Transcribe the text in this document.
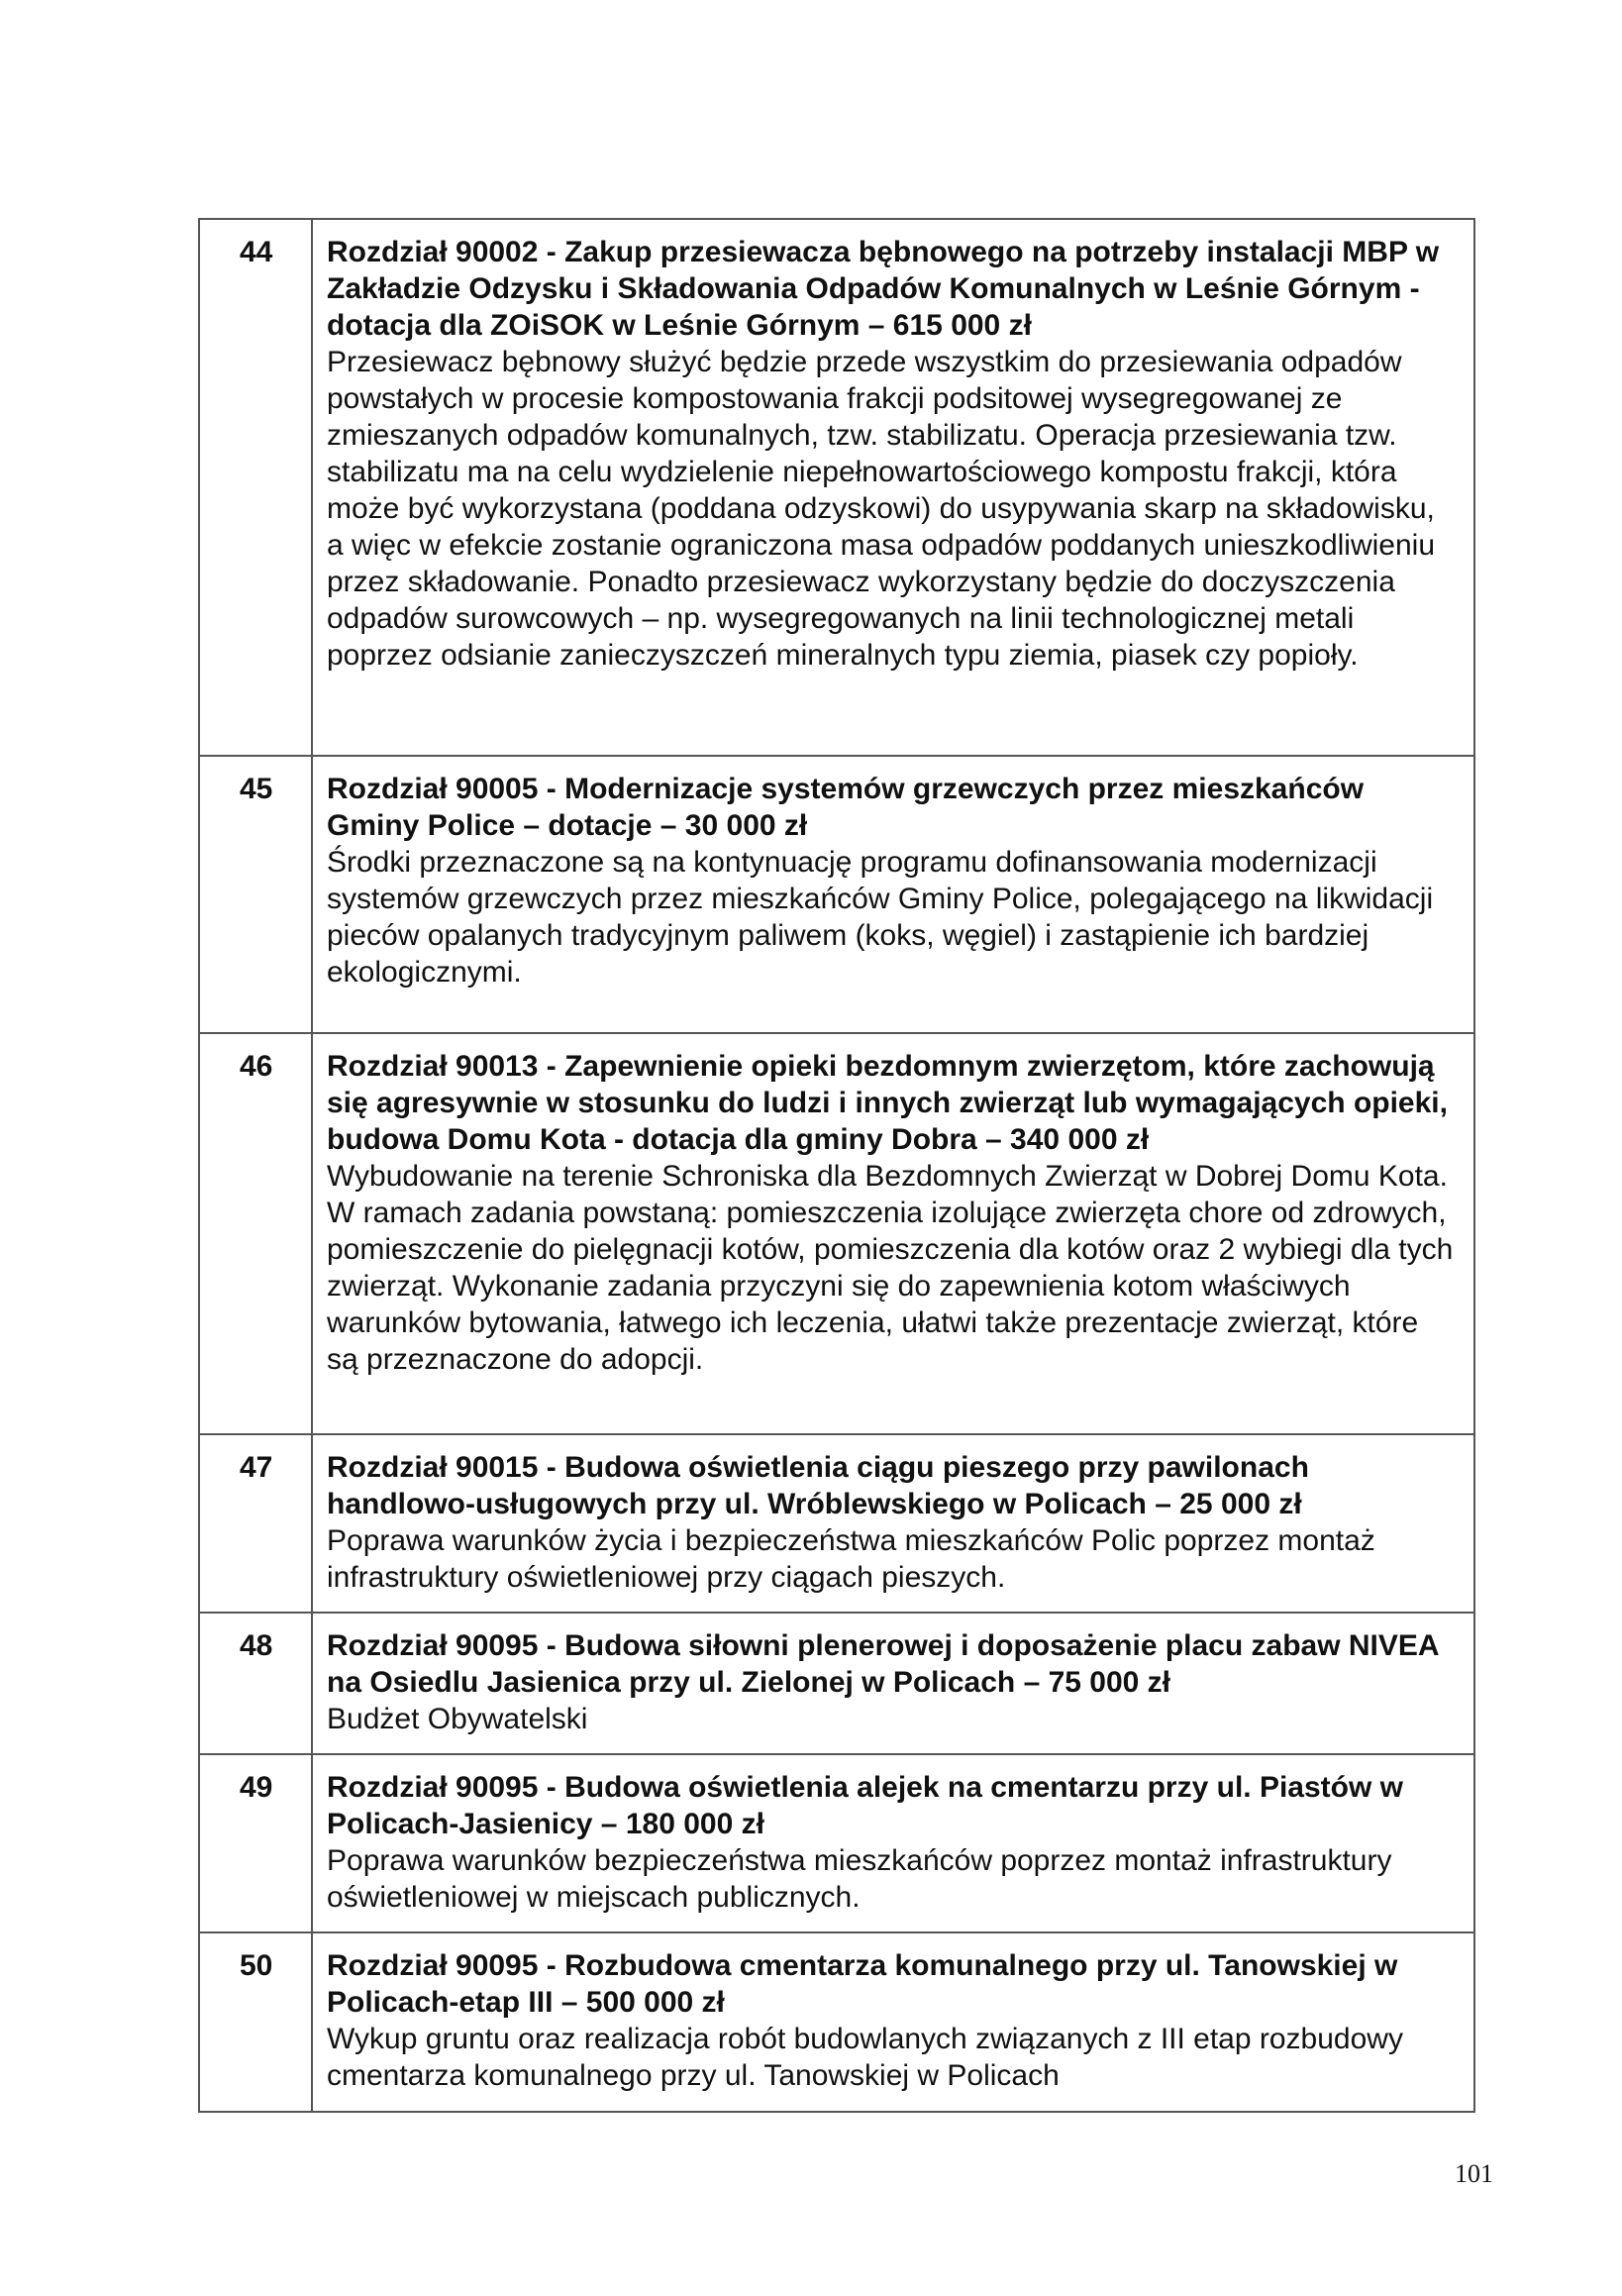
44	Rozdział 90002 - Zakup przesiewacza bębnowego na potrzeby instalacji MBP w Zakładzie Odzysku i Składowania Odpadów Komunalnych w Leśnie Górnym - dotacja dla ZOiSOK w Leśnie Górnym – 615 000 zł
Przesiewacz bębnowy służyć będzie przede wszystkim do przesiewania odpadów powstałych w procesie kompostowania frakcji podsitowej wysegregowanej ze zmieszanych odpadów komunalnych, tzw. stabilizatu. Operacja przesiewania tzw. stabilizatu ma na celu wydzielenie niepełnowartościowego kompostu frakcji, która może być wykorzystana (poddana odzyskowi) do usypywania skarp na składowisku, a więc w efekcie zostanie ograniczona masa odpadów poddanych unieszkodliwieniu przez składowanie. Ponadto przesiewacz wykorzystany będzie do doczyszczenia odpadów surowcowych – np. wysegregowanych na linii technologicznej metali poprzez odsianie zanieczyszczeń mineralnych typu ziemia, piasek czy popioły.

45	Rozdział 90005 - Modernizacje systemów grzewczych przez mieszkańców Gminy Police – dotacje – 30 000 zł
Środki przeznaczone są na kontynuację programu dofinansowania modernizacji systemów grzewczych przez mieszkańców Gminy Police, polegającego na likwidacji pieców opalanych tradycyjnym paliwem (koks, węgiel) i zastąpienie ich bardziej ekologicznymi.

46	Rozdział 90013 - Zapewnienie opieki bezdomnym zwierzętom, które zachowują się agresywnie w stosunku do ludzi i innych zwierząt lub wymagających opieki, budowa Domu Kota - dotacja dla gminy Dobra – 340 000 zł
Wybudowanie na terenie Schroniska dla Bezdomnych Zwierząt w Dobrej Domu Kota. W ramach zadania powstaną: pomieszczenia izolujące zwierzęta chore od zdrowych, pomieszczenie do pielęgnacji kotów, pomieszczenia dla kotów oraz 2 wybiegi dla tych zwierząt. Wykonanie zadania przyczyni się do zapewnienia kotom właściwych warunków bytowania, łatwego ich leczenia, ułatwi także prezentacje zwierząt, które są przeznaczone do adopcji.

47	Rozdział 90015 - Budowa oświetlenia ciągu pieszego przy pawilonach handlowo-usługowych przy ul. Wróblewskiego w Policach – 25 000 zł
Poprawa warunków życia i bezpieczeństwa mieszkańców Polic poprzez montaż infrastruktury oświetleniowej przy ciągach pieszych.

48	Rozdział 90095 - Budowa siłowni plenerowej i doposażenie placu zabaw NIVEA na Osiedlu Jasienica przy ul. Zielonej w Policach – 75 000 zł
Budżet Obywatelski

49	Rozdział 90095 - Budowa oświetlenia alejek na cmentarzu przy ul. Piastów w Policach-Jasienicy – 180 000 zł
Poprawa warunków bezpieczeństwa mieszkańców poprzez montaż infrastruktury oświetleniowej w miejscach publicznych.

50	Rozdział 90095 - Rozbudowa cmentarza komunalnego przy ul. Tanowskiej w Policach-etap III – 500 000 zł
Wykup gruntu oraz realizacja robót budowlanych związanych z III etap rozbudowy cmentarza komunalnego przy ul. Tanowskiej w Policach
101
